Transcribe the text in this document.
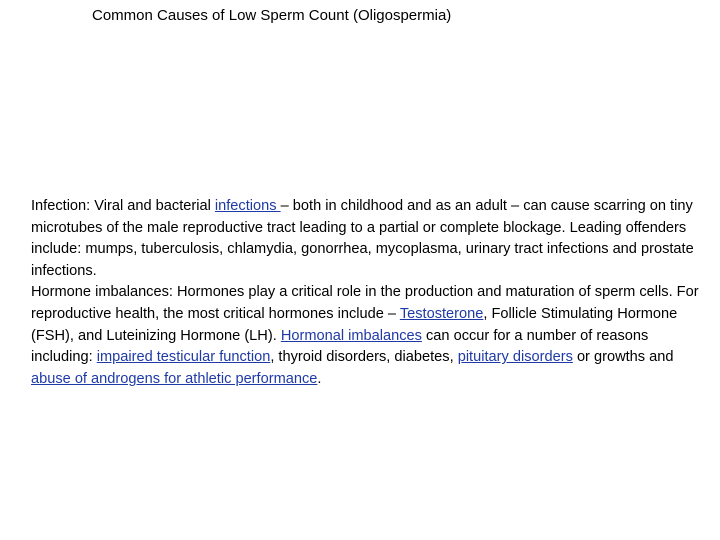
Common Causes of Low Sperm Count (Oligospermia)

Infection: Viral and bacterial infections – both in childhood and as an adult – can cause scarring on tiny microtubes of the male reproductive tract leading to a partial or complete blockage. Leading offenders include: mumps, tuberculosis, chlamydia, gonorrhea, mycoplasma, urinary tract infections and prostate infections.

Hormone imbalances: Hormones play a critical role in the production and maturation of sperm cells. For reproductive health, the most critical hormones include – Testosterone, Follicle Stimulating Hormone (FSH), and Luteinizing Hormone (LH). Hormonal imbalances can occur for a number of reasons including: impaired testicular function, thyroid disorders, diabetes, pituitary disorders or growths and abuse of androgens for athletic performance.
